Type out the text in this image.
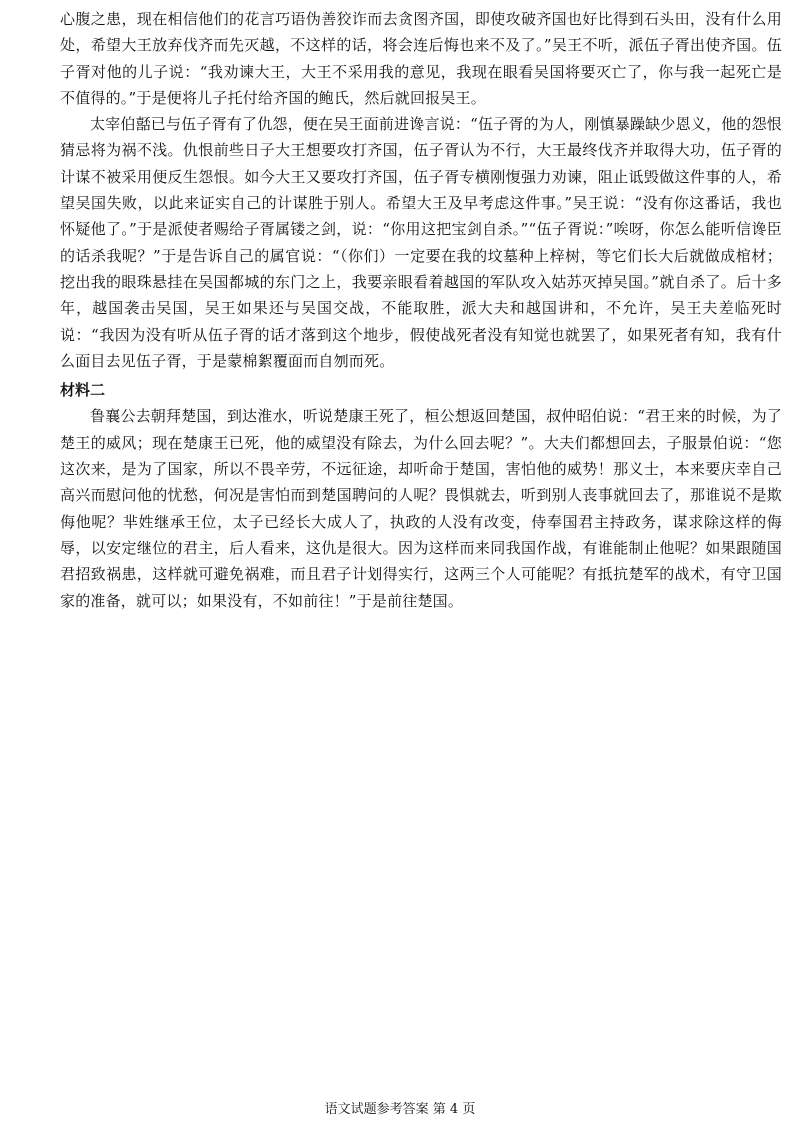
心腹之患，现在相信他们的花言巧语伪善狡诈而去贪图齐国，即使攻破齐国也好比得到石头田，没有什么用处，希望大王放弃伐齐而先灭越，不这样的话，将会连后悔也来不及了。”吴王不听，派伍子胥出使齐国。伍子胥对他的儿子说：“我劝谏大王，大王不采用我的意见，我现在眼看吴国将要灭亡了，你与我一起死亡是不值得的。”于是便将儿子托付给齐国的鲍氏，然后就回报吴王。

太宰伯嚭已与伍子胥有了仇怨，便在吴王面前进谗言说：“伍子胥的为人，刚慎暴躁缺少恩义，他的怨恨猜忌将为祸不浅。仇恨前些日子大王想要攻打齐国，伍子胥认为不行，大王最终伐齐并取得大功，伍子胥的计谋不被采用便反生怨恨。如今大王又要攻打齐国，伍子胥专横刚愎强力劝谏，阻止诋毁做这件事的人，希望吴国失败，以此来证实自己的计谋胜于别人。希望大王及早考虑这件事。”吴王说：“没有你这番话，我也怀疑他了。”于是派使者赐给子胥属镂之剑，说：“你用这把宝剑自杀。”“伍子胥说：”唉呀，你怎么能听信谗臣的话杀我呢？”于是告诉自己的属官说：“（你们）一定要在我的坟墓种上梓树，等它们长大后就做成棺材；挖出我的眼珠悬挂在吴国都城的东门之上，我要亲眼看着越国的军队攻入姑苏灭掉吴国。”就自杀了。后十多年，越国袭击吴国，吴王如果还与吴国交战，不能取胜，派大夫和越国讲和，不允许，吴王夫差临死时说：“我因为没有听从伍子胥的话才落到这个地步，假使战死者没有知觉也就罢了，如果死者有知，我有什么面目去见伍子胥，于是蒙棉絮覆面而自刎而死。

材料二

鲁襄公去朝拜楚国，到达淮水，听说楚康王死了，桓公想返回楚国，叔仲昭伯说：“君王来的时候，为了楚王的威风；现在楚康王已死，他的威望没有除去，为什么回去呢？”。大夫们都想回去，子服景伯说：“您这次来，是为了国家，所以不畏辛劳，不远征途，却听命于楚国，害怕他的威势！那义士，本来要庆幸自己高兴而慰问他的忧愁，何况是害怕而到楚国聘问的人呢？畏惧就去，听到别人丧事就回去了，那谁说不是欺侮他呢？芈姓继承王位，太子已经长大成人了，执政的人没有改变，侍奉国君主持政务，谋求除这样的侮辱，以安定继位的君主，后人看来，这仇是很大。因为这样而来同我国作战，有谁能制止他呢？如果跟随国君招致祸患，这样就可避免祸难，而且君子计划得实行，这两三个人可能呢？有抵抗楚军的战术，有守卫国家的准备，就可以；如果没有，不如前往！”于是前往楚国。

语文试题参考答案 第 4 页
